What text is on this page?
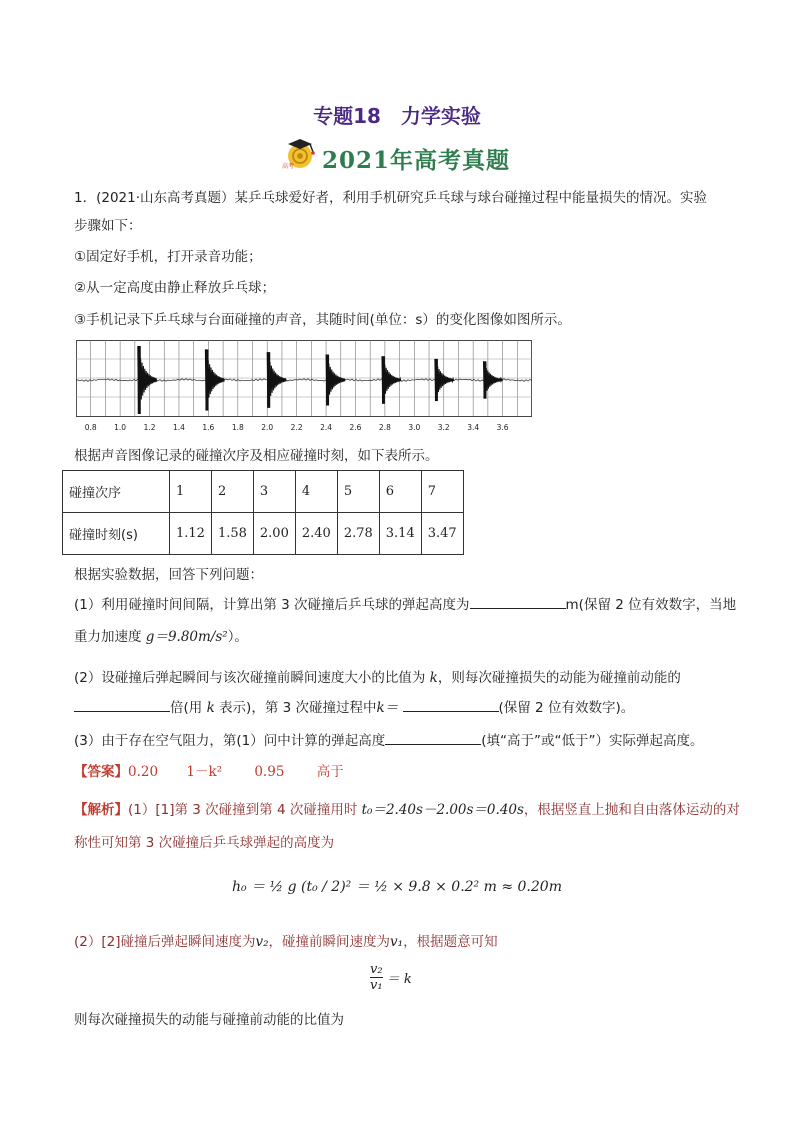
专题18　力学实验
高考 2021年高考真题
1．(2021·山东高考真题）某乒乓球爱好者，利用手机研究乒乓球与球台碰撞过程中能量损失的情况。实验
步骤如下：
①固定好手机，打开录音功能；
②从一定高度由静止释放乒乓球；
③手机记录下乒乓球与台面碰撞的声音，其随时间(单位：s）的变化图像如图所示。
0.8 1.0 1.2 1.4 1.6 1.8 2.0 2.2 2.4 2.6 2.8 3.0 3.2 3.4 3.6
根据声音图像记录的碰撞次序及相应碰撞时刻，如下表所示。
碰撞次序	1	2	3	4	5	6	7
碰撞时刻(s)	1.12	1.58	2.00	2.40	2.78	3.14	3.47
根据实验数据，回答下列问题：
(1）利用碰撞时间间隔，计算出第 3 次碰撞后乒乓球的弹起高度为	m(保留 2 位有效数字，当地
重力加速度 g＝9.80m/s²）。
(2）设碰撞后弹起瞬间与该次碰撞前瞬间速度大小的比值为 k，则每次碰撞损失的动能为碰撞前动能的
倍(用 k 表示)，第 3 次碰撞过程中k＝	(保留 2 位有效数字)。
(3）由于存在空气阻力，第(1）问中计算的弹起高度	(填“高于”或“低于”）实际弹起高度。
【答案】0.20 1－k² 0.95 高于
【解析】(1）[1]第 3 次碰撞到第 4 次碰撞用时 t₀＝2.40s－2.00s＝0.40s，根据竖直上抛和自由落体运动的对
称性可知第 3 次碰撞后乒乓球弹起的高度为
h₀ ＝ ½ g (t₀ / 2)² ＝ ½ × 9.8 × 0.2² m ≈ 0.20m
(2）[2]碰撞后弹起瞬间速度为v₂，碰撞前瞬间速度为v₁，根据题意可知
$\frac{\text{v₂}}{\text{v₁}} = k$
则每次碰撞损失的动能与碰撞前动能的比值为
